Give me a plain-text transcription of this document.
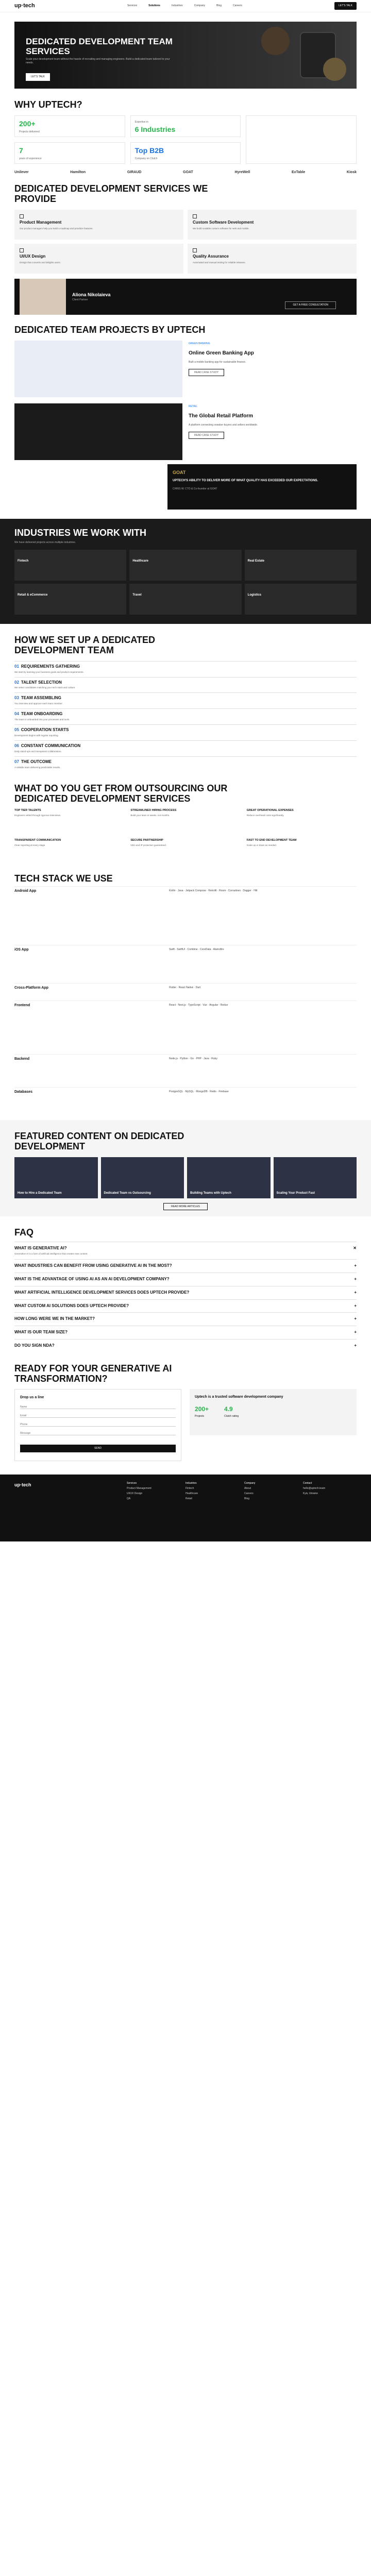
up·tech	Services	Solutions	Industries	Company	Blog	Careers	LET'S TALK
DEDICATED DEVELOPMENT TEAM SERVICES

Scale your development team without the hassle of recruiting and managing engineers. Build a dedicated team tailored to your needs.

LET'S TALK
WHY UPTECH?
200+
Projects delivered
Expertise in
6 Industries
7
years of experience
Top B2B
Company on Clutch
Unilever	Hamilton	GIRAUD	GOAT	HyreWell	ExTable	Kiosk
DEDICATED DEVELOPMENT SERVICES WE PROVIDE
Product Management
Our product managers help you build a roadmap and prioritize features.
Custom Software Development
We build scalable custom software for web and mobile.
UI/UX Design
Design that converts and delights users.
Quality Assurance
Automated and manual testing for reliable releases.
Aliona Nikolaieva
Client Partner
GET A FREE CONSULTATION
DEDICATED TEAM PROJECTS BY UPTECH
GREEN BANKING
Online Green Banking App
Built a mobile banking app for sustainable finance.
READ CASE STUDY
RETAIL
The Global Retail Platform
A platform connecting sneaker buyers and sellers worldwide.
READ CASE STUDY
GOAT

UPTECH'S ABILITY TO DELIVER MORE OF WHAT QUALITY HAS EXCEEDED OUR EXPECTATIONS.

CHRIS W. CTO & Co-founder at GOAT
INDUSTRIES WE WORK WITH

We have delivered projects across multiple industries.

Fintech	Healthcare	Real Estate
Retail & eCommerce	Travel	Logistics
HOW WE SET UP A DEDICATED DEVELOPMENT TEAM
01 REQUIREMENTS GATHERING
We start by learning your business goals and product requirements.
02 TALENT SELECTION
We select candidates matching your tech stack and culture.
03 TEAM ASSEMBLING
You interview and approve each team member.
04 TEAM ONBOARDING
The team is onboarded into your processes and tools.
05 COOPERATION STARTS
Development begins with regular reporting.
06 CONSTANT COMMUNICATION
Daily stand-ups and transparent collaboration.
07 THE OUTCOME
A reliable team delivering predictable results.
WHAT DO YOU GET FROM OUTSOURCING OUR DEDICATED DEVELOPMENT SERVICES
TOP TIER TALENTS
Engineers vetted through rigorous interviews.
STREAMLINED HIRING PROCESS
Build your team in weeks, not months.
GREAT OPERATIONAL EXPENSES
Reduce overhead costs significantly.
TRANSPARENT COMMUNICATION
Clear reporting at every stage.
SECURE PARTNERSHIP
NDA and IP protection guaranteed.
FAST TO END DEVELOPMENT TEAM
Scale up or down as needed.
TECH STACK WE USE
Android App	Kotlin · Java · Jetpack Compose · Retrofit · Room · Coroutines · Dagger · Hilt
iOS App	Swift · SwiftUI · Combine · CoreData · Alamofire
Cross-Platform App	Flutter · React Native · Dart
Frontend	React · Next.js · TypeScript · Vue · Angular · Redux
Backend	Node.js · Python · Go · PHP · Java · Ruby
Databases	PostgreSQL · MySQL · MongoDB · Redis · Firebase
FEATURED CONTENT ON DEDICATED DEVELOPMENT
How to Hire a Dedicated Team	Dedicated Team vs Outsourcing	Building Teams with Uptech	Scaling Your Product Fast
READ MORE ARTICLES
FAQ
WHAT IS GENERATIVE AI?
Generative AI is a form of artificial intelligence that creates new content.
✕
WHAT INDUSTRIES CAN BENEFIT FROM USING GENERATIVE AI IN THE MOST?	+
WHAT IS THE ADVANTAGE OF USING AI AS AN AI DEVELOPMENT COMPANY?	+
WHAT ARTIFICIAL INTELLIGENCE DEVELOPMENT SERVICES DOES UPTECH PROVIDE?	+
WHAT CUSTOM AI SOLUTIONS DOES UPTECH PROVIDE?	+
HOW LONG WERE WE IN THE MARKET?	+
WHAT IS OUR TEAM SIZE?	+
DO YOU SIGN NDA?	+
READY FOR YOUR GENERATIVE AI TRANSFORMATION?
Drop us a line
Name
Email
Phone
Message
SEND
Uptech is a trusted software development company
200+
Projects
4.9
Clutch rating
up·tech	Services
Product Management
UI/UX Design
QA
Industries
Fintech
Healthcare
Retail
Company
About
Careers
Blog
Contact
hello@uptech.team
Kyiv, Ukraine
